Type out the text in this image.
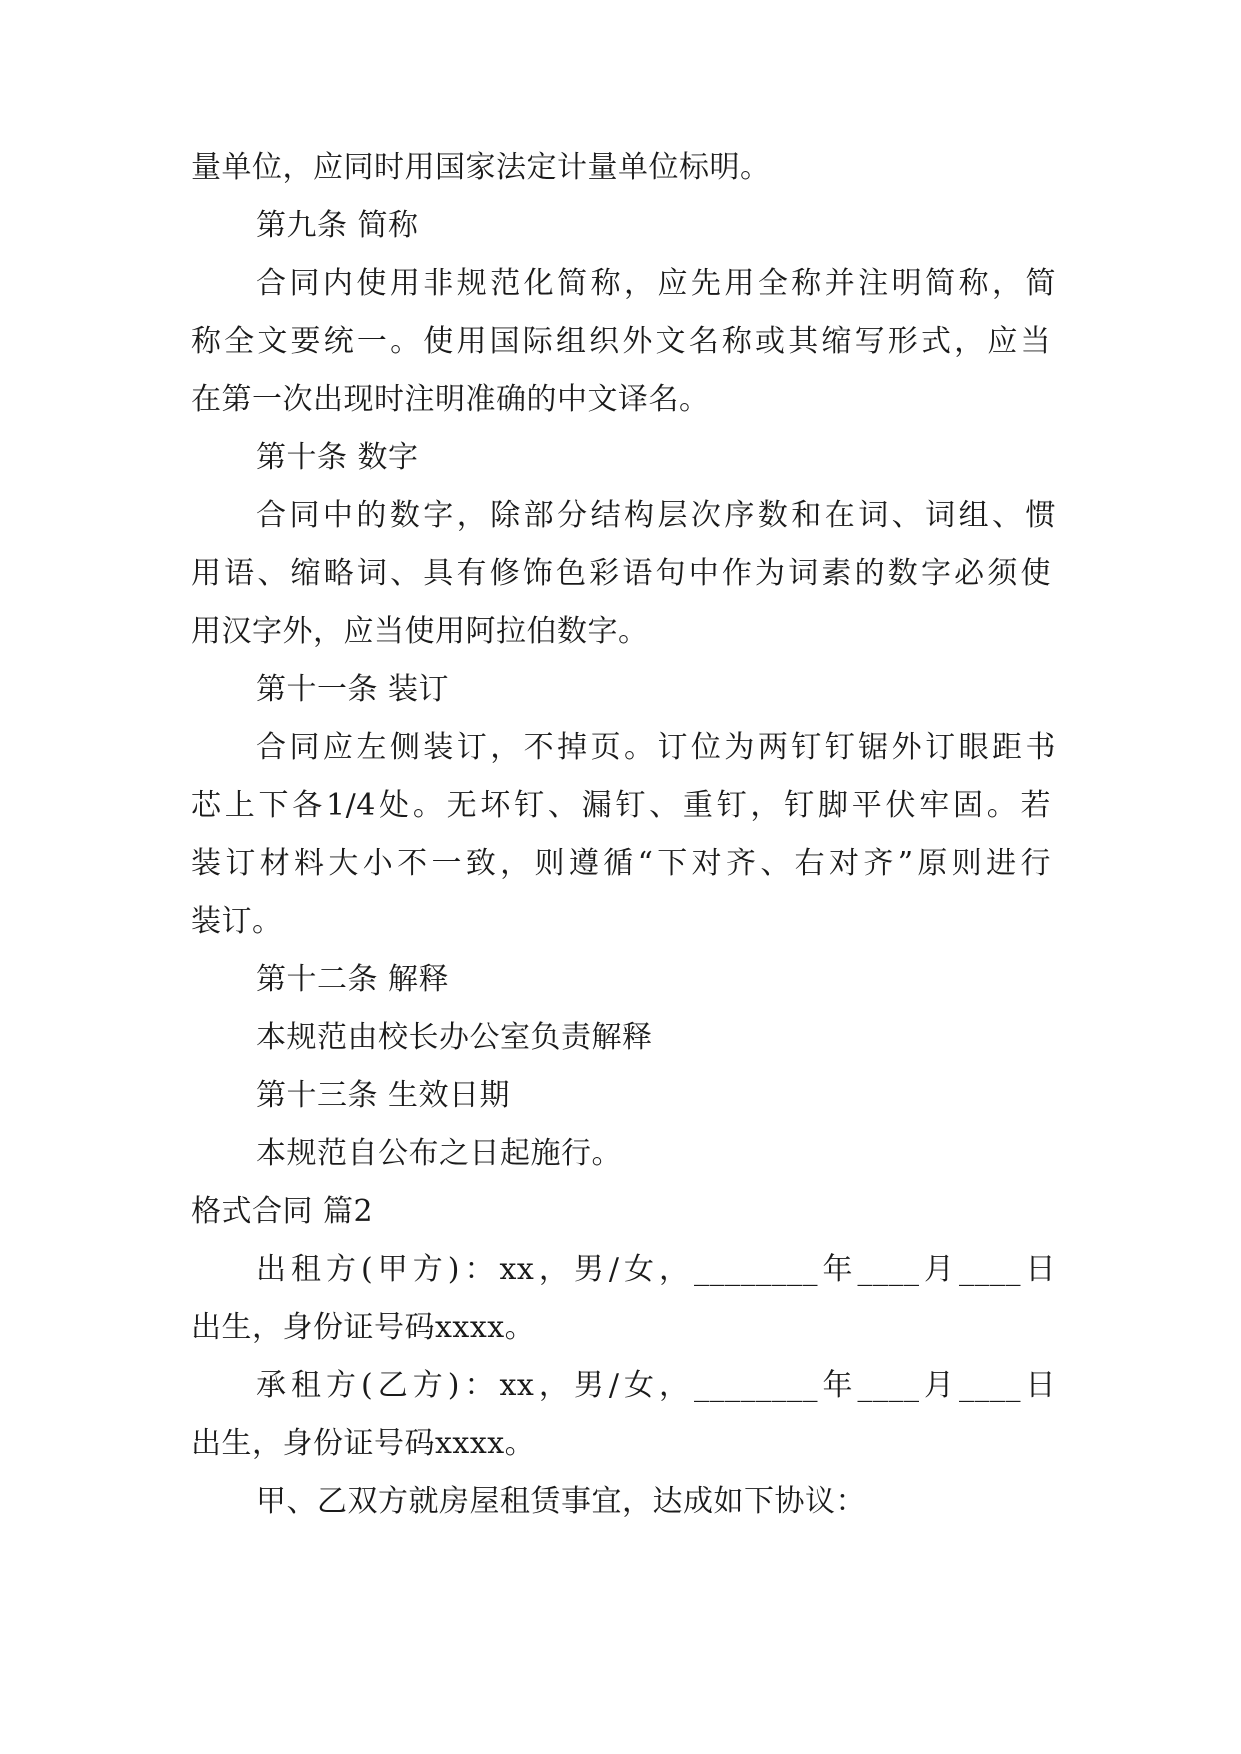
量单位，应同时用国家法定计量单位标明。
第九条 简称
合同内使用非规范化简称，应先用全称并注明简称，简
称全文要统一。使用国际组织外文名称或其缩写形式，应当
在第一次出现时注明准确的中文译名。
第十条 数字
合同中的数字，除部分结构层次序数和在词、词组、惯
用语、缩略词、具有修饰色彩语句中作为词素的数字必须使
用汉字外，应当使用阿拉伯数字。
第十一条 装订
合同应左侧装订，不掉页。订位为两钉钉锯外订眼距书
芯上下各1/4处。无坏钉、漏钉、重钉，钉脚平伏牢固。若
装订材料大小不一致，则遵循“下对齐、右对齐”原则进行
装订。
第十二条 解释
本规范由校长办公室负责解释
第十三条 生效日期
本规范自公布之日起施行。
格式合同 篇2
出租方(甲方)：xx，男/女，________年____月____日
出生，身份证号码xxxx。
承租方(乙方)：xx，男/女，________年____月____日
出生，身份证号码xxxx。
甲、乙双方就房屋租赁事宜，达成如下协议：
